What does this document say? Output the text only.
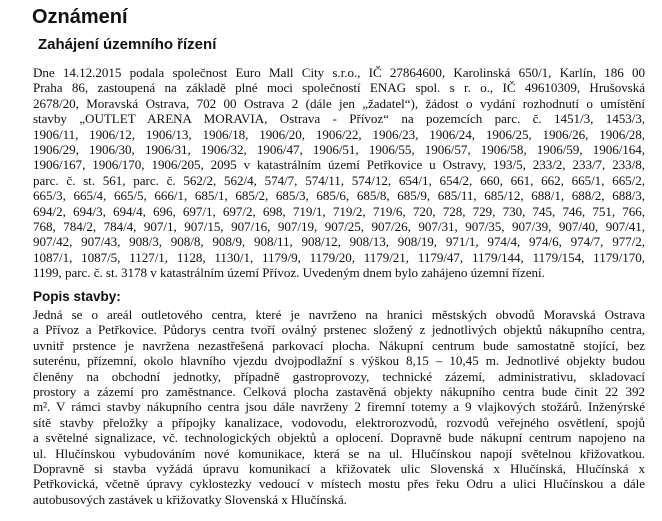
Oznámení
Zahájení územního řízení
Dne 14.12.2015 podala společnost Euro Mall City s.r.o., IČ 27864600, Karolinská 650/1, Karlín, 186 00
Praha 86, zastoupená na základě plné moci společností ENAG spol. s r. o., IČ 49610309, Hrušovská
2678/20, Moravská Ostrava, 702 00 Ostrava 2 (dále jen „žadatel“), žádost o vydání rozhodnutí o umístění
stavby „OUTLET ARENA MORAVIA, Ostrava - Přívoz“ na pozemcích parc. č. 1451/3, 1453/3,
1906/11, 1906/12, 1906/13, 1906/18, 1906/20, 1906/22, 1906/23, 1906/24, 1906/25, 1906/26, 1906/28,
1906/29, 1906/30, 1906/31, 1906/32, 1906/47, 1906/51, 1906/55, 1906/57, 1906/58, 1906/59, 1906/164,
1906/167, 1906/170, 1906/205, 2095 v katastrálním území Petřkovice u Ostravy, 193/5, 233/2, 233/7, 233/8,
parc. č. st. 561, parc. č. 562/2, 562/4, 574/7, 574/11, 574/12, 654/1, 654/2, 660, 661, 662, 665/1, 665/2,
665/3, 665/4, 665/5, 666/1, 685/1, 685/2, 685/3, 685/6, 685/8, 685/9, 685/11, 685/12, 688/1, 688/2, 688/3,
694/2, 694/3, 694/4, 696, 697/1, 697/2, 698, 719/1, 719/2, 719/6, 720, 728, 729, 730, 745, 746, 751, 766,
768, 784/2, 784/4, 907/1, 907/15, 907/16, 907/19, 907/25, 907/26, 907/31, 907/35, 907/39, 907/40, 907/41,
907/42, 907/43, 908/3, 908/8, 908/9, 908/11, 908/12, 908/13, 908/19, 971/1, 974/4, 974/6, 974/7, 977/2,
1087/1, 1087/5, 1127/1, 1128, 1130/1, 1179/9, 1179/20, 1179/21, 1179/47, 1179/144, 1179/154, 1179/170,
1199, parc. č. st. 3178 v katastrálním území Přívoz. Uvedeným dnem bylo zahájeno územní řízení.
Popis stavby:
Jedná se o areál outletového centra, které je navrženo na hranici městských obvodů Moravská Ostrava
a Přívoz a Petřkovice. Půdorys centra tvoří oválný prstenec složený z jednotlivých objektů nákupního centra,
uvnitř prstence je navržena nezastřešená parkovací plocha. Nákupní centrum bude samostatně stojící, bez
suterénu, přízemní, okolo hlavního vjezdu dvojpodlažní s výškou 8,15 – 10,45 m. Jednotlivé objekty budou
členěny na obchodní jednotky, případně gastroprovozy, technické zázemí, administrativu, skladovací
prostory a zázemí pro zaměstnance. Celková plocha zastavěná objekty nákupního centra bude činit 22 392
m². V rámci stavby nákupního centra jsou dále navrženy 2 firemní totemy a 9 vlajkových stožárů. Inženýrské
sítě stavby přeložky a přípojky kanalizace, vodovodu, elektrorozvodů, rozvodů veřejného osvětlení, spojů
a světelné signalizace, vč. technologických objektů a oplocení. Dopravně bude nákupní centrum napojeno na
ul. Hlučínskou vybudováním nové komunikace, která se na ul. Hlučínskou napojí světelnou křižovatkou.
Dopravně si stavba vyžádá úpravu komunikací a křižovatek ulic Slovenská x Hlučínská, Hlučínská x
Petřkovická, včetně úpravy cyklostezky vedoucí v místech mostu přes řeku Odru a ulici Hlučínskou a dále
autobusových zastávek u křižovatky Slovenská x Hlučínská.
